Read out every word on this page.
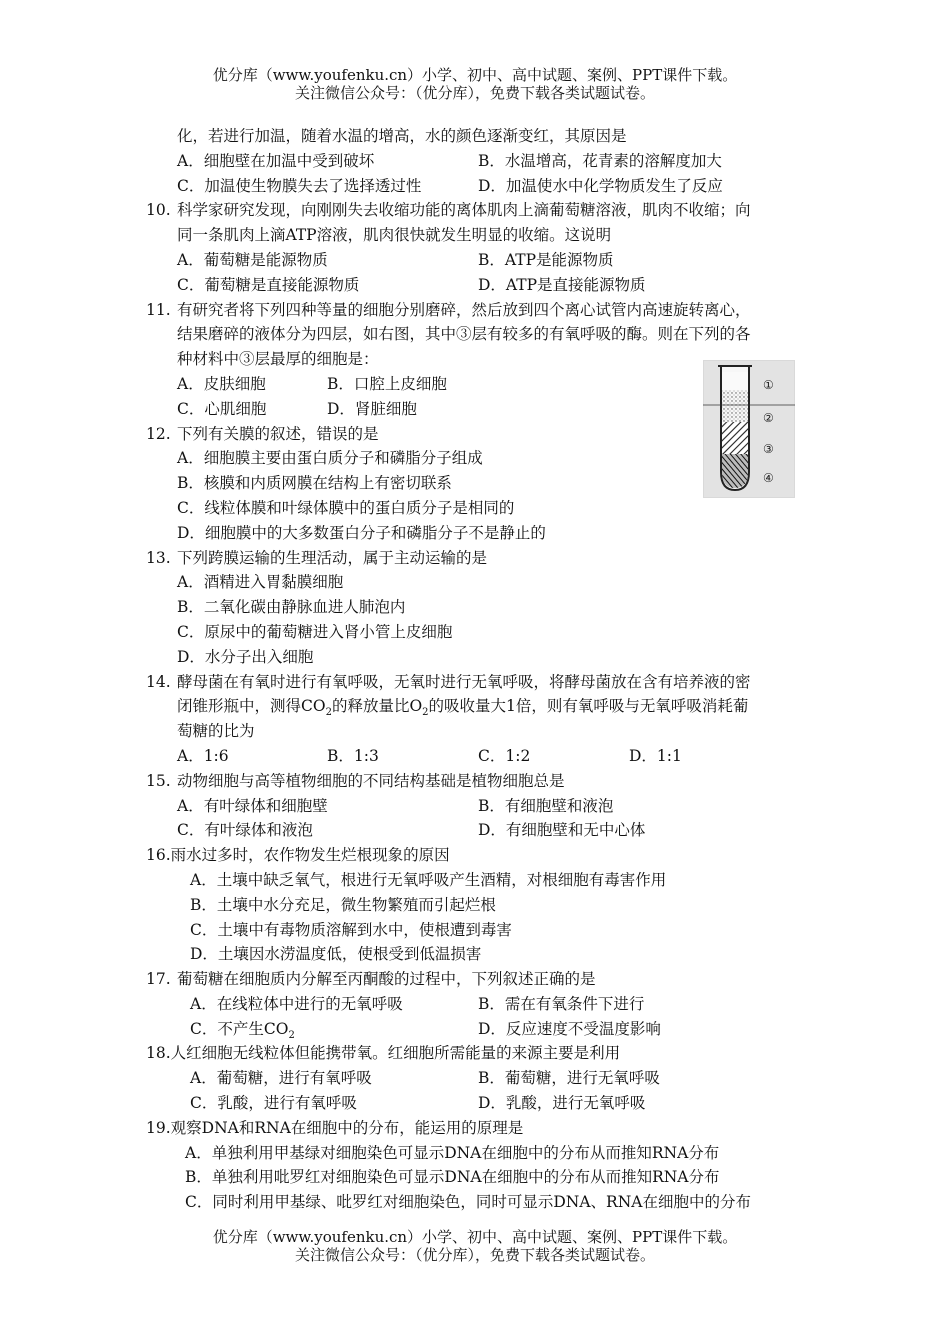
优分库（www.youfenku.cn）小学、初中、高中试题、案例、PPT课件下载。
关注微信公众号：（优分库），免费下载各类试题试卷。
化，若进行加温，随着水温的增高，水的颜色逐渐变红，其原因是
A．细胞壁在加温中受到破坏	B．水温增高，花青素的溶解度加大
C．加温使生物膜失去了选择透过性	D．加温使水中化学物质发生了反应
10. 科学家研究发现，向刚刚失去收缩功能的离体肌肉上滴葡萄糖溶液，肌肉不收缩；向
同一条肌肉上滴ATP溶液，肌肉很快就发生明显的收缩。这说明
A．葡萄糖是能源物质	B．ATP是能源物质
C．葡萄糖是直接能源物质	D．ATP是直接能源物质
11. 有研究者将下列四种等量的细胞分别磨碎，然后放到四个离心试管内高速旋转离心，
结果磨碎的液体分为四层，如右图，其中③层有较多的有氧呼吸的酶。则在下列的各
种材料中③层最厚的细胞是：
A．皮肤细胞	B．口腔上皮细胞
C．心肌细胞	D．肾脏细胞
12. 下列有关膜的叙述，错误的是
A．细胞膜主要由蛋白质分子和磷脂分子组成
B．核膜和内质网膜在结构上有密切联系
C．线粒体膜和叶绿体膜中的蛋白质分子是相同的
D．细胞膜中的大多数蛋白分子和磷脂分子不是静止的
13. 下列跨膜运输的生理活动，属于主动运输的是
A．酒精进入胃黏膜细胞
B．二氧化碳由静脉血进人肺泡内
C．原尿中的葡萄糖进入肾小管上皮细胞
D．水分子出入细胞
14. 酵母菌在有氧时进行有氧呼吸，无氧时进行无氧呼吸，将酵母菌放在含有培养液的密
闭锥形瓶中，测得$CO_2$的释放量比$O_2$的吸收量大1倍，则有氧呼吸与无氧呼吸消耗葡
萄糖的比为
A．1:6	B．1:3	C．1:2	D．1:1
15. 动物细胞与高等植物细胞的不同结构基础是植物细胞总是
A．有叶绿体和细胞壁	B．有细胞壁和液泡
C．有叶绿体和液泡	D．有细胞壁和无中心体
16.雨水过多时，农作物发生烂根现象的原因
A．土壤中缺乏氧气，根进行无氧呼吸产生酒精，对根细胞有毒害作用
B．土壤中水分充足，微生物繁殖而引起烂根
C．土壤中有毒物质溶解到水中，使根遭到毒害
D．土壤因水涝温度低，使根受到低温损害
17. 葡萄糖在细胞质内分解至丙酮酸的过程中，下列叙述正确的是
A．在线粒体中进行的无氧呼吸	B．需在有氧条件下进行
C．不产生$CO_2$	D．反应速度不受温度影响
18.人红细胞无线粒体但能携带氧。红细胞所需能量的来源主要是利用
A．葡萄糖，进行有氧呼吸	B．葡萄糖，进行无氧呼吸
C．乳酸，进行有氧呼吸	D．乳酸，进行无氧呼吸
19.观察DNA和RNA在细胞中的分布，能运用的原理是
A．单独利用甲基绿对细胞染色可显示DNA在细胞中的分布从而推知RNA分布
B．单独利用吡罗红对细胞染色可显示DNA在细胞中的分布从而推知RNA分布
C．同时利用甲基绿、吡罗红对细胞染色，同时可显示DNA、RNA在细胞中的分布
①
②
③
④
优分库（www.youfenku.cn）小学、初中、高中试题、案例、PPT课件下载。
关注微信公众号：（优分库），免费下载各类试题试卷。
